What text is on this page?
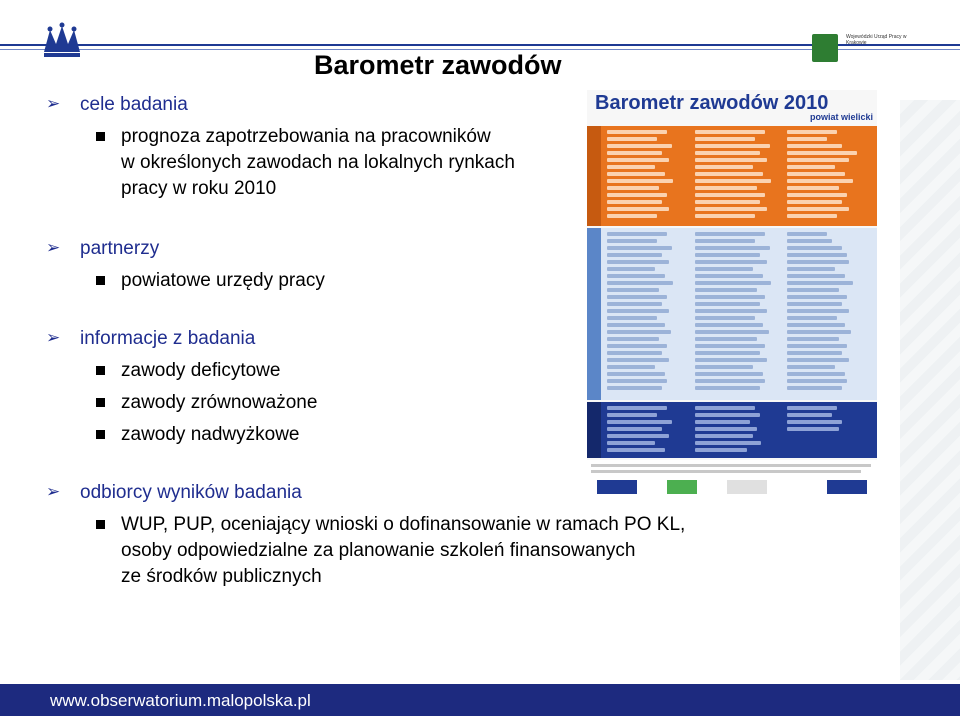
Barometr zawodów
Wojewódzki Urząd Pracy w Krakowie
➢ cele badania
prognoza zapotrzebowania na pracowników
w określonych zawodach na lokalnych rynkach
pracy w roku 2010
➢ partnerzy
powiatowe urzędy pracy
➢ informacje z badania
zawody deficytowe
zawody zrównoważone
zawody nadwyżkowe
➢ odbiorcy wyników badania
WUP, PUP, oceniający wnioski o dofinansowanie w ramach PO KL,
osoby odpowiedzialne za planowanie szkoleń finansowanych
ze środków publicznych
Barometr zawodów 2010
powiat wielicki
DEFICYT
RÓWNOWAGA
NADWYŻKA
www.obserwatorium.malopolska.pl
